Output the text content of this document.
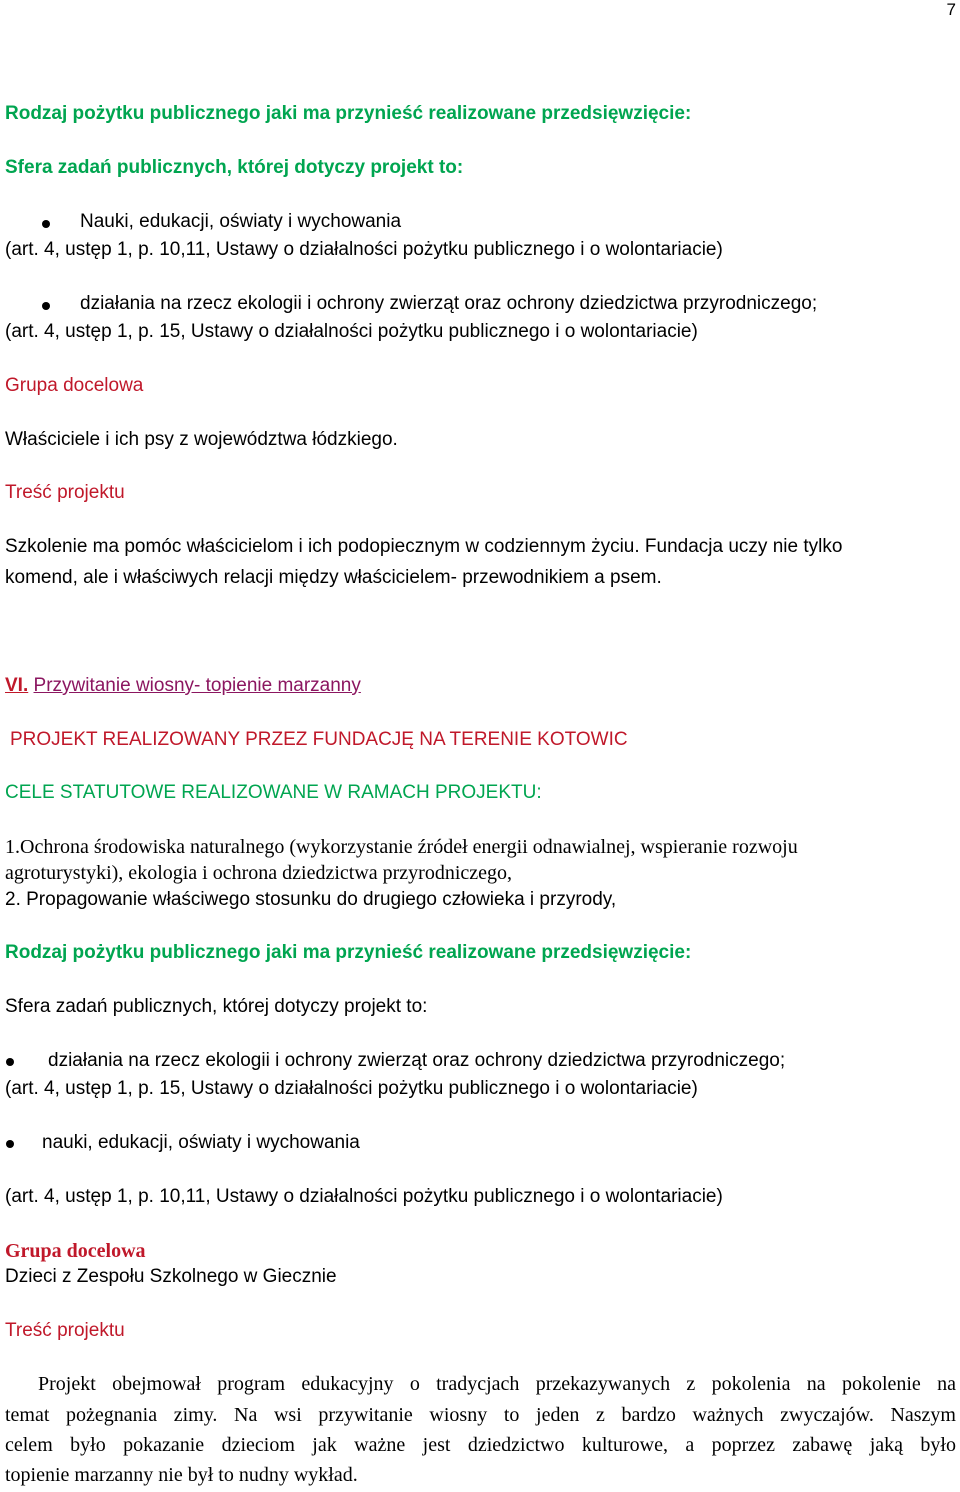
7
Rodzaj pożytku publicznego jaki ma przynieść realizowane przedsięwzięcie:
Sfera zadań publicznych, której dotyczy projekt to:
Nauki, edukacji, oświaty i wychowania
(art. 4, ustęp 1, p. 10,11, Ustawy o działalności pożytku publicznego i o wolontariacie)
działania na rzecz ekologii i ochrony zwierząt oraz ochrony dziedzictwa przyrodniczego;
(art. 4, ustęp 1, p. 15, Ustawy o działalności pożytku publicznego i o wolontariacie)
Grupa docelowa
Właściciele i ich psy z województwa łódzkiego.
Treść projektu
Szkolenie ma pomóc właścicielom i ich podopiecznym w codziennym życiu. Fundacja uczy nie tylko
komend, ale i właściwych relacji między właścicielem- przewodnikiem a psem.
VI. Przywitanie wiosny- topienie marzanny
PROJEKT REALIZOWANY PRZEZ FUNDACJĘ NA TERENIE KOTOWIC
CELE STATUTOWE REALIZOWANE W RAMACH PROJEKTU:
1.Ochrona środowiska naturalnego (wykorzystanie źródeł energii odnawialnej, wspieranie rozwoju
agroturystyki), ekologia i ochrona dziedzictwa przyrodniczego,
2. Propagowanie właściwego stosunku do drugiego człowieka i przyrody,
Rodzaj pożytku publicznego jaki ma przynieść realizowane przedsięwzięcie:
Sfera zadań publicznych, której dotyczy projekt to:
działania na rzecz ekologii i ochrony zwierząt oraz ochrony dziedzictwa przyrodniczego;
(art. 4, ustęp 1, p. 15, Ustawy o działalności pożytku publicznego i o wolontariacie)
nauki, edukacji, oświaty i wychowania
(art. 4, ustęp 1, p. 10,11, Ustawy o działalności pożytku publicznego i o wolontariacie)
Grupa docelowa
Dzieci z Zespołu Szkolnego w Giecznie
Treść projektu
Projekt obejmował program edukacyjny o tradycjach przekazywanych z pokolenia na pokolenie na
temat pożegnania zimy. Na wsi przywitanie wiosny to jeden z bardzo ważnych zwyczajów. Naszym
celem było pokazanie dzieciom jak ważne jest dziedzictwo kulturowe, a poprzez zabawę jaką było
topienie marzanny nie był to nudny wykład.
